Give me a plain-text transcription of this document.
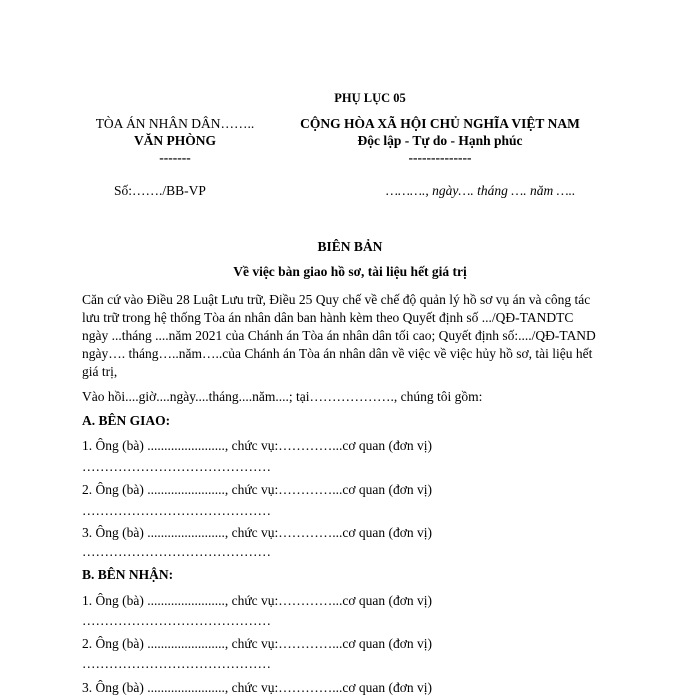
PHỤ LỤC 05
TÒA ÁN NHÂN DÂN……..
VĂN PHÒNG
-------
CỘNG HÒA XÃ HỘI CHỦ NGHĨA VIỆT NAM
Độc lập - Tự do - Hạnh phúc
--------------
Số:……./BB-VP	………., ngày…. tháng …. năm …..
BIÊN BẢN
Về việc bàn giao hồ sơ, tài liệu hết giá trị
Căn cứ vào Điều 28 Luật Lưu trữ, Điều 25 Quy chế về chế độ quản lý hồ sơ vụ án và công tác
lưu trữ trong hệ thống Tòa án nhân dân ban hành kèm theo Quyết định số .../QĐ-TANDTC
ngày ...tháng ....năm 2021 của Chánh án Tòa án nhân dân tối cao; Quyết định số:..../QĐ-TAND
ngày…. tháng…..năm…..của Chánh án Tòa án nhân dân về việc về việc hủy hồ sơ, tài liệu hết
giá trị,
Vào hồi....giờ....ngày....tháng....năm....; tại………………., chúng tôi gồm:
A. BÊN GIAO:
1. Ông (bà) ......................., chức vụ:…………...cơ quan (đơn vị)
……………………………………
2. Ông (bà) ......................., chức vụ:…………...cơ quan (đơn vị)
……………………………………
3. Ông (bà) ......................., chức vụ:…………...cơ quan (đơn vị)
……………………………………
B. BÊN NHẬN:
1. Ông (bà) ......................., chức vụ:…………...cơ quan (đơn vị)
……………………………………
2. Ông (bà) ......................., chức vụ:…………...cơ quan (đơn vị)
……………………………………
3. Ông (bà) ......................., chức vụ:…………...cơ quan (đơn vị)
